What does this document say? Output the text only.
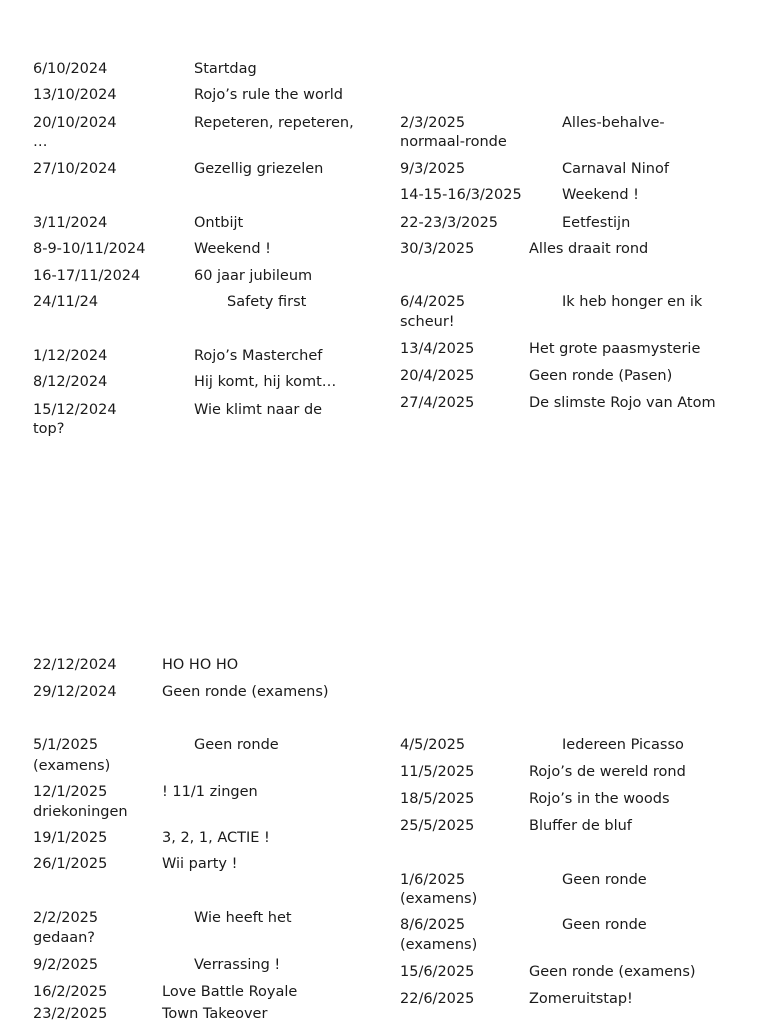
6/10/2024	Startdag
13/10/2024	Rojo’s rule the world
20/10/2024	Repeteren, repeteren,
…
27/10/2024	Gezellig griezelen
3/11/2024	Ontbijt
8-9-10/11/2024	Weekend !
16-17/11/2024	60 jaar jubileum
24/11/24	Safety first
1/12/2024	Rojo’s Masterchef
8/12/2024	Hij komt, hij komt…
15/12/2024	Wie klimt naar de
top?
2/3/2025	Alles-behalve-
normaal-ronde
9/3/2025	Carnaval Ninof
14-15-16/3/2025	Weekend !
22-23/3/2025	Eetfestijn
30/3/2025	Alles draait rond
6/4/2025	Ik heb honger en ik
scheur!
13/4/2025	Het grote paasmysterie
20/4/2025	Geen ronde (Pasen)
27/4/2025	De slimste Rojo van Atom
22/12/2024	HO HO HO
29/12/2024	Geen ronde (examens)
5/1/2025	Geen ronde
(examens)
12/1/2025	! 11/1 zingen
driekoningen
19/1/2025	3, 2, 1, ACTIE !
26/1/2025	Wii party !
2/2/2025	Wie heeft het
gedaan?
9/2/2025	Verrassing !
16/2/2025	Love Battle Royale
23/2/2025	Town Takeover
4/5/2025	Iedereen Picasso
11/5/2025	Rojo’s de wereld rond
18/5/2025	Rojo’s in the woods
25/5/2025	Bluffer de bluf
1/6/2025	Geen ronde
(examens)
8/6/2025	Geen ronde
(examens)
15/6/2025	Geen ronde (examens)
22/6/2025	Zomeruitstap!
